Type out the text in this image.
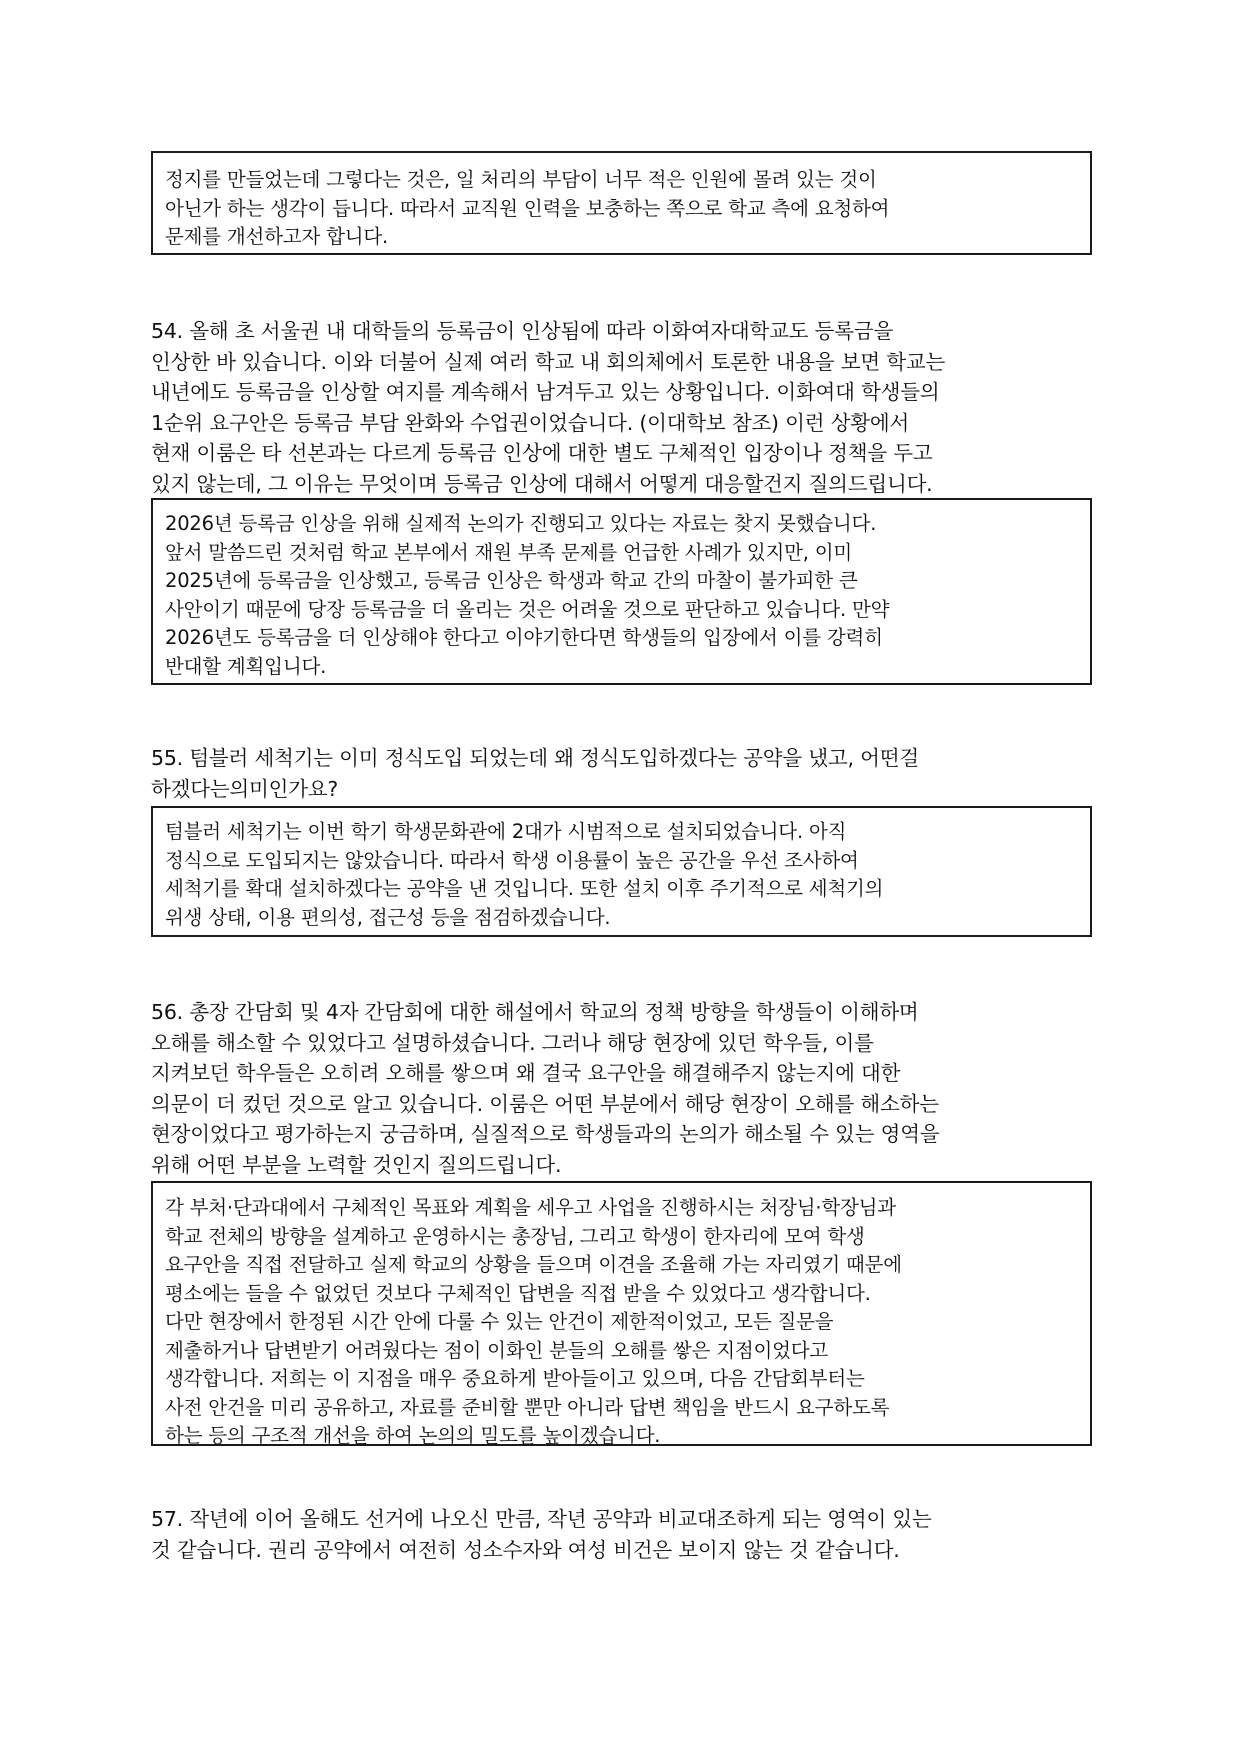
정지를 만들었는데 그렇다는 것은, 일 처리의 부담이 너무 적은 인원에 몰려 있는 것이
아닌가 하는 생각이 듭니다. 따라서 교직원 인력을 보충하는 쪽으로 학교 측에 요청하여
문제를 개선하고자 합니다.
54. 올해 초 서울권 내 대학들의 등록금이 인상됨에 따라 이화여자대학교도 등록금을
인상한 바 있습니다. 이와 더불어 실제 여러 학교 내 회의체에서 토론한 내용을 보면 학교는
내년에도 등록금을 인상할 여지를 계속해서 남겨두고 있는 상황입니다. 이화여대 학생들의
1순위 요구안은 등록금 부담 완화와 수업권이었습니다. (이대학보 참조) 이런 상황에서
현재 이룸은 타 선본과는 다르게 등록금 인상에 대한 별도 구체적인 입장이나 정책을 두고
있지 않는데, 그 이유는 무엇이며 등록금 인상에 대해서 어떻게 대응할건지 질의드립니다.
2026년 등록금 인상을 위해 실제적 논의가 진행되고 있다는 자료는 찾지 못했습니다.
앞서 말씀드린 것처럼 학교 본부에서 재원 부족 문제를 언급한 사례가 있지만, 이미
2025년에 등록금을 인상했고, 등록금 인상은 학생과 학교 간의 마찰이 불가피한 큰
사안이기 때문에 당장 등록금을 더 올리는 것은 어려울 것으로 판단하고 있습니다. 만약
2026년도 등록금을 더 인상해야 한다고 이야기한다면 학생들의 입장에서 이를 강력히
반대할 계획입니다.
55. 텀블러 세척기는 이미 정식도입 되었는데 왜 정식도입하겠다는 공약을 냈고, 어떤걸
하겠다는의미인가요?
텀블러 세척기는 이번 학기 학생문화관에 2대가 시범적으로 설치되었습니다. 아직
정식으로 도입되지는 않았습니다. 따라서 학생 이용률이 높은 공간을 우선 조사하여
세척기를 확대 설치하겠다는 공약을 낸 것입니다. 또한 설치 이후 주기적으로 세척기의
위생 상태, 이용 편의성, 접근성 등을 점검하겠습니다.
56. 총장 간담회 및 4자 간담회에 대한 해설에서 학교의 정책 방향을 학생들이 이해하며
오해를 해소할 수 있었다고 설명하셨습니다. 그러나 해당 현장에 있던 학우들, 이를
지켜보던 학우들은 오히려 오해를 쌓으며 왜 결국 요구안을 해결해주지 않는지에 대한
의문이 더 컸던 것으로 알고 있습니다. 이룸은 어떤 부분에서 해당 현장이 오해를 해소하는
현장이었다고 평가하는지 궁금하며, 실질적으로 학생들과의 논의가 해소될 수 있는 영역을
위해 어떤 부분을 노력할 것인지 질의드립니다.
각 부처·단과대에서 구체적인 목표와 계획을 세우고 사업을 진행하시는 처장님·학장님과
학교 전체의 방향을 설계하고 운영하시는 총장님, 그리고 학생이 한자리에 모여 학생
요구안을 직접 전달하고 실제 학교의 상황을 들으며 이견을 조율해 가는 자리였기 때문에
평소에는 들을 수 없었던 것보다 구체적인 답변을 직접 받을 수 있었다고 생각합니다.
다만 현장에서 한정된 시간 안에 다룰 수 있는 안건이 제한적이었고, 모든 질문을
제출하거나 답변받기 어려웠다는 점이 이화인 분들의 오해를 쌓은 지점이었다고
생각합니다. 저희는 이 지점을 매우 중요하게 받아들이고 있으며, 다음 간담회부터는
사전 안건을 미리 공유하고, 자료를 준비할 뿐만 아니라 답변 책임을 반드시 요구하도록
하는 등의 구조적 개선을 하여 논의의 밀도를 높이겠습니다.
57. 작년에 이어 올해도 선거에 나오신 만큼, 작년 공약과 비교대조하게 되는 영역이 있는
것 같습니다. 권리 공약에서 여전히 성소수자와 여성 비건은 보이지 않는 것 같습니다.
